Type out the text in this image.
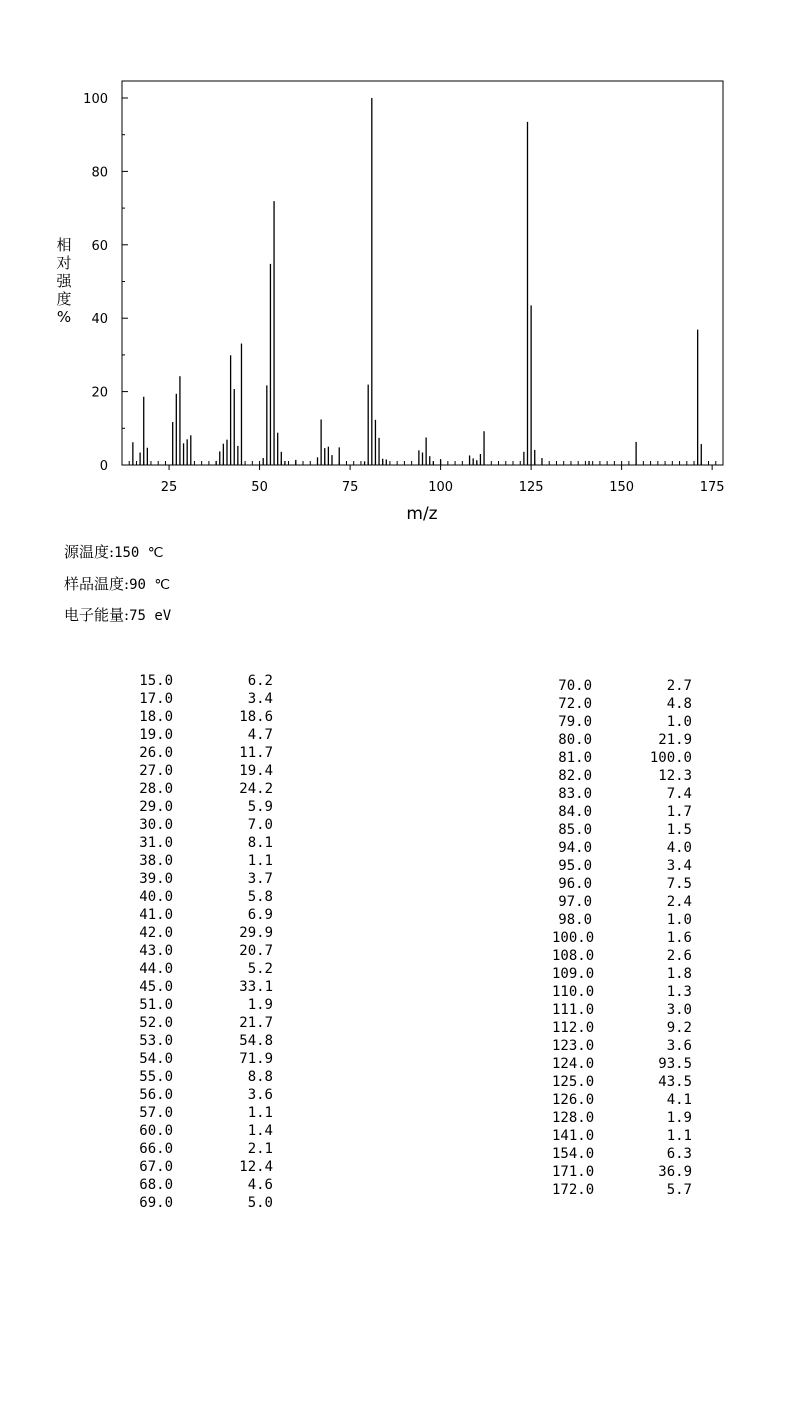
0
20
40
60
80
100
25	50	75	100	125	150	175
m/z
相
对
强
度
%
源温度:150 ℃
样品温度:90 ℃
电子能量:75 eV
15.0	6.2
17.0	3.4
18.0	18.6
19.0	4.7
26.0	11.7
27.0	19.4
28.0	24.2
29.0	5.9
30.0	7.0
31.0	8.1
38.0	1.1
39.0	3.7
40.0	5.8
41.0	6.9
42.0	29.9
43.0	20.7
44.0	5.2
45.0	33.1
51.0	1.9
52.0	21.7
53.0	54.8
54.0	71.9
55.0	8.8
56.0	3.6
57.0	1.1
60.0	1.4
66.0	2.1
67.0	12.4
68.0	4.6
69.0	5.0
70.0	2.7
72.0	4.8
79.0	1.0
80.0	21.9
81.0	100.0
82.0	12.3
83.0	7.4
84.0	1.7
85.0	1.5
94.0	4.0
95.0	3.4
96.0	7.5
97.0	2.4
98.0	1.0
100.0	1.6
108.0	2.6
109.0	1.8
110.0	1.3
111.0	3.0
112.0	9.2
123.0	3.6
124.0	93.5
125.0	43.5
126.0	4.1
128.0	1.9
141.0	1.1
154.0	6.3
171.0	36.9
172.0	5.7
